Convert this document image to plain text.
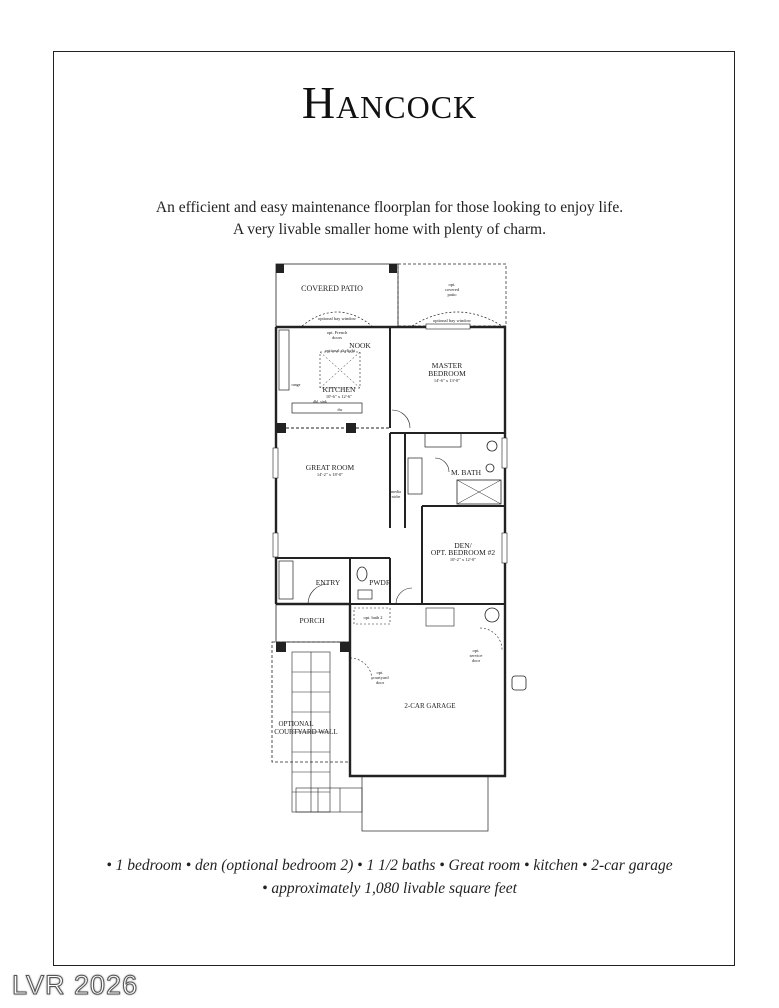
Hancock
An efficient and easy maintenance floorplan for those looking to enjoy life.
A very livable smaller home with plenty of charm.
COVERED PATIO	opt.
covered
patio
optional bay window
optional bay window
opt. French
doors
NOOK
optional skylight
KITCHEN
10'-6" x 12'-6"
range
dbl. sink
dw
MASTER
BEDROOM
14'-6" x 13'-0"
GREAT ROOM
14'-2" x 18'-0"	M. BATH
media
niche
DEN/
OPT. BEDROOM #2
10'-2" x 12'-0"
ENTRY	PWDR
opt. bath 2
PORCH
opt.
courtyard
door
opt.
service
door
2-CAR GARAGE
OPTIONAL
COURTYARD WALL
• 1 bedroom • den (optional bedroom 2) • 1 1/2 baths • Great room • kitchen • 2-car garage
• approximately 1,080 livable square feet
LVR 2026
